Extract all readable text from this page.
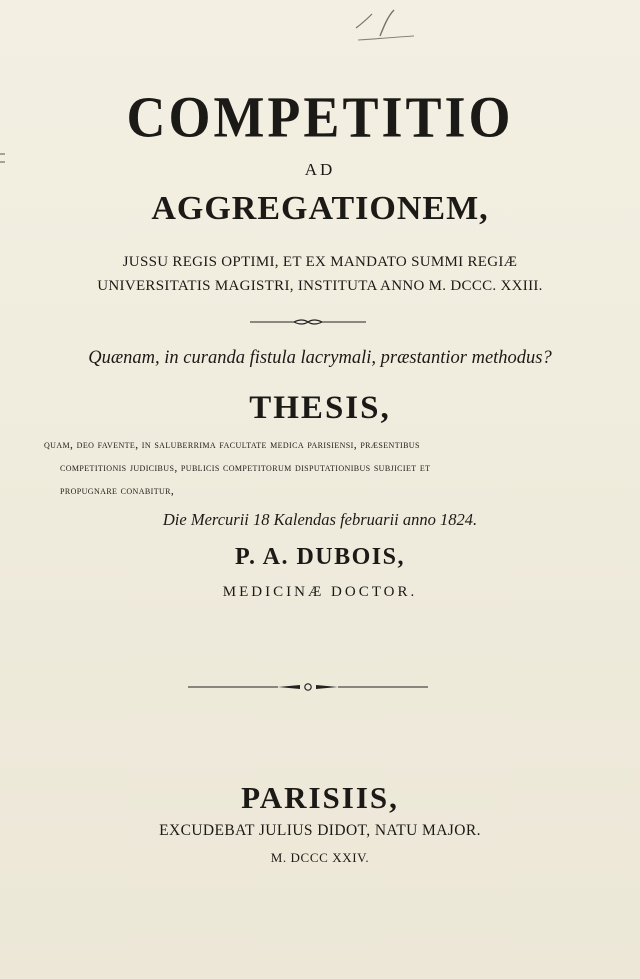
COMPETITIO
AD
AGGREGATIONEM,
JUSSU REGIS OPTIMI, ET EX MANDATO SUMMI REGIÆ
UNIVERSITATIS MAGISTRI, INSTITUTA ANNO M. DCCC. XXIII.
Quænam, in curanda fistula lacrymali, præstantior methodus?
THESIS,
quam, deo favente, in saluberrima facultate medica parisiensi, præsentibus
competitionis judicibus, publicis competitorum disputationibus subjiciet et
propugnare conabitur,
Die Mercurii 18 Kalendas februarii anno 1824.
P. A. DUBOIS,
MEDICINÆ DOCTOR.
PARISIIS,
EXCUDEBAT JULIUS DIDOT, NATU MAJOR.
M. DCCC XXIV.
